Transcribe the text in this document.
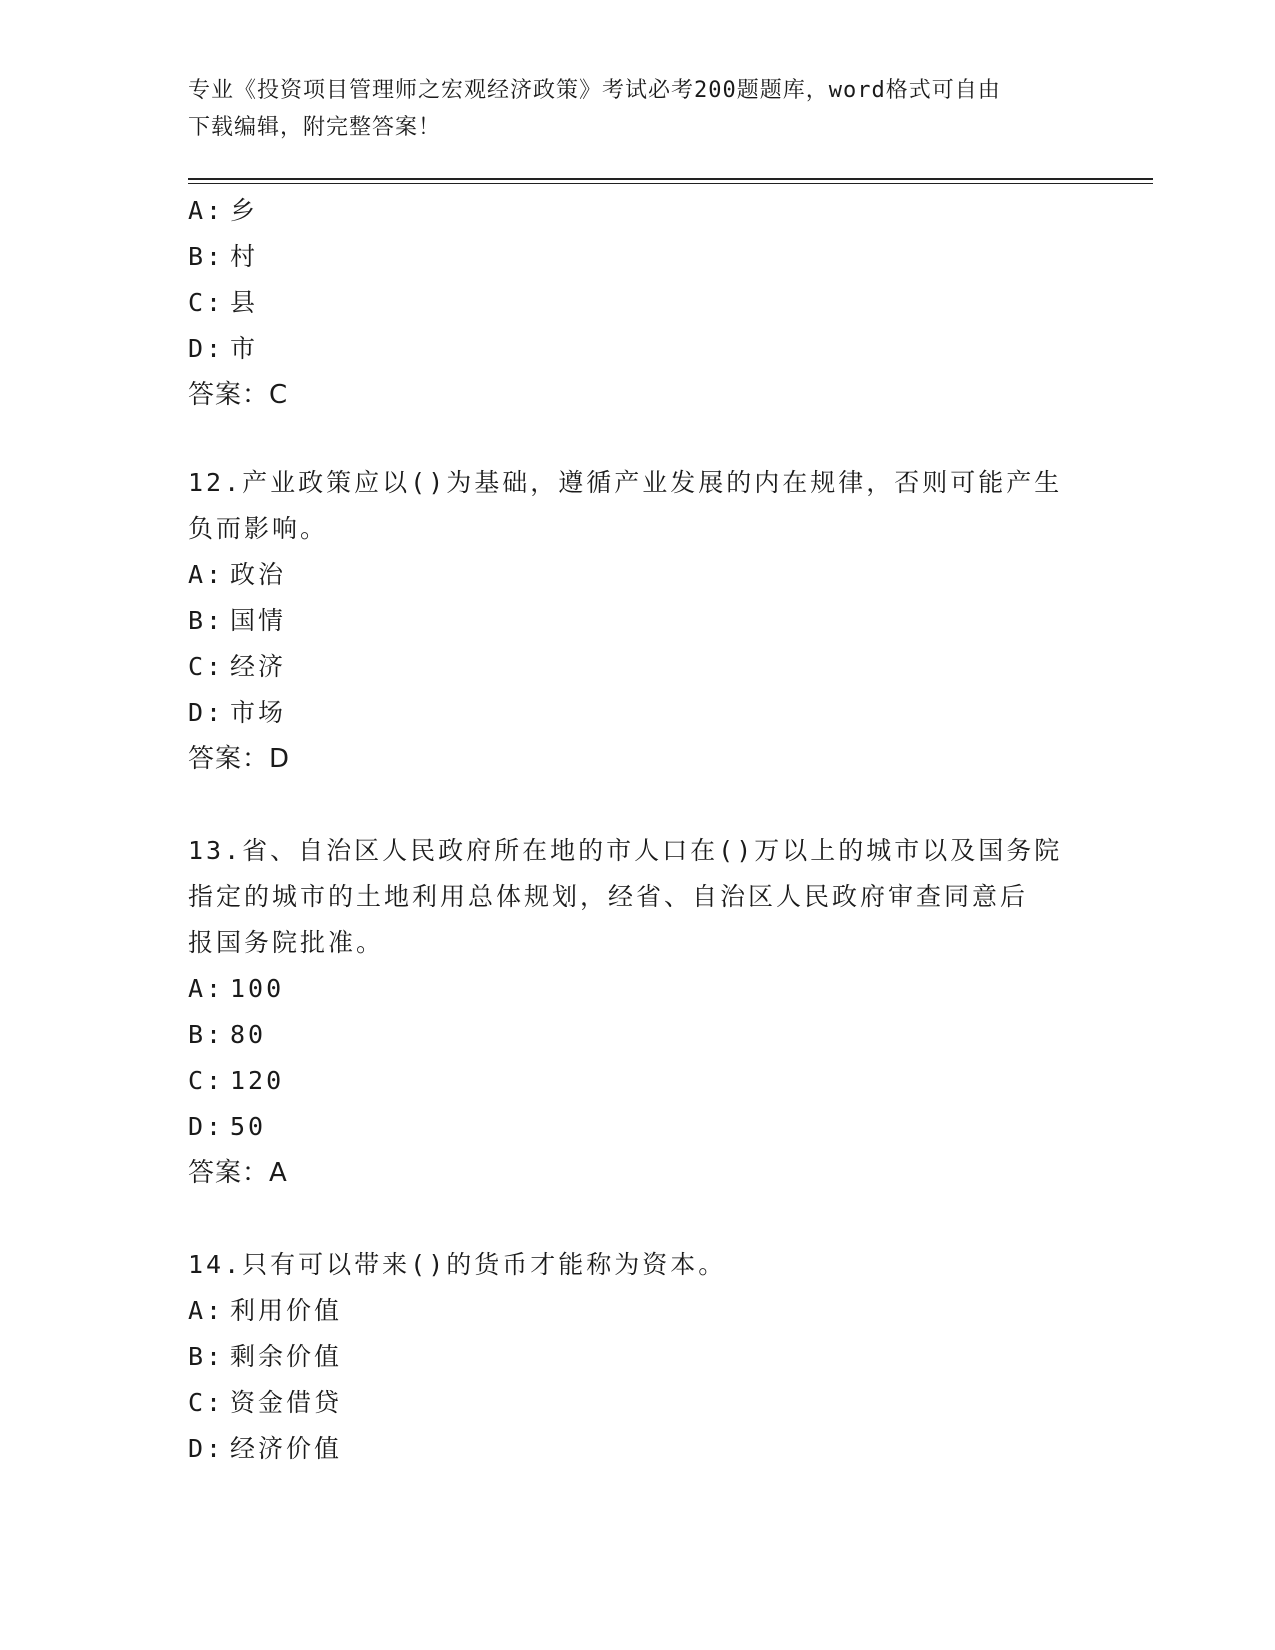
专业《投资项目管理师之宏观经济政策》考试必考200题题库，word格式可自由
下载编辑，附完整答案！
A: 乡
B: 村
C: 县
D: 市
答案：C
12.产业政策应以()为基础，遵循产业发展的内在规律，否则可能产生
负而影响。
A: 政治
B: 国情
C: 经济
D: 市场
答案：D
13.省、自治区人民政府所在地的市人口在()万以上的城市以及国务院
指定的城市的土地利用总体规划，经省、自治区人民政府审查同意后
报国务院批准。
A: 100
B: 80
C: 120
D: 50
答案：A
14.只有可以带来()的货币才能称为资本。
A: 利用价值
B: 剩余价值
C: 资金借贷
D: 经济价值
